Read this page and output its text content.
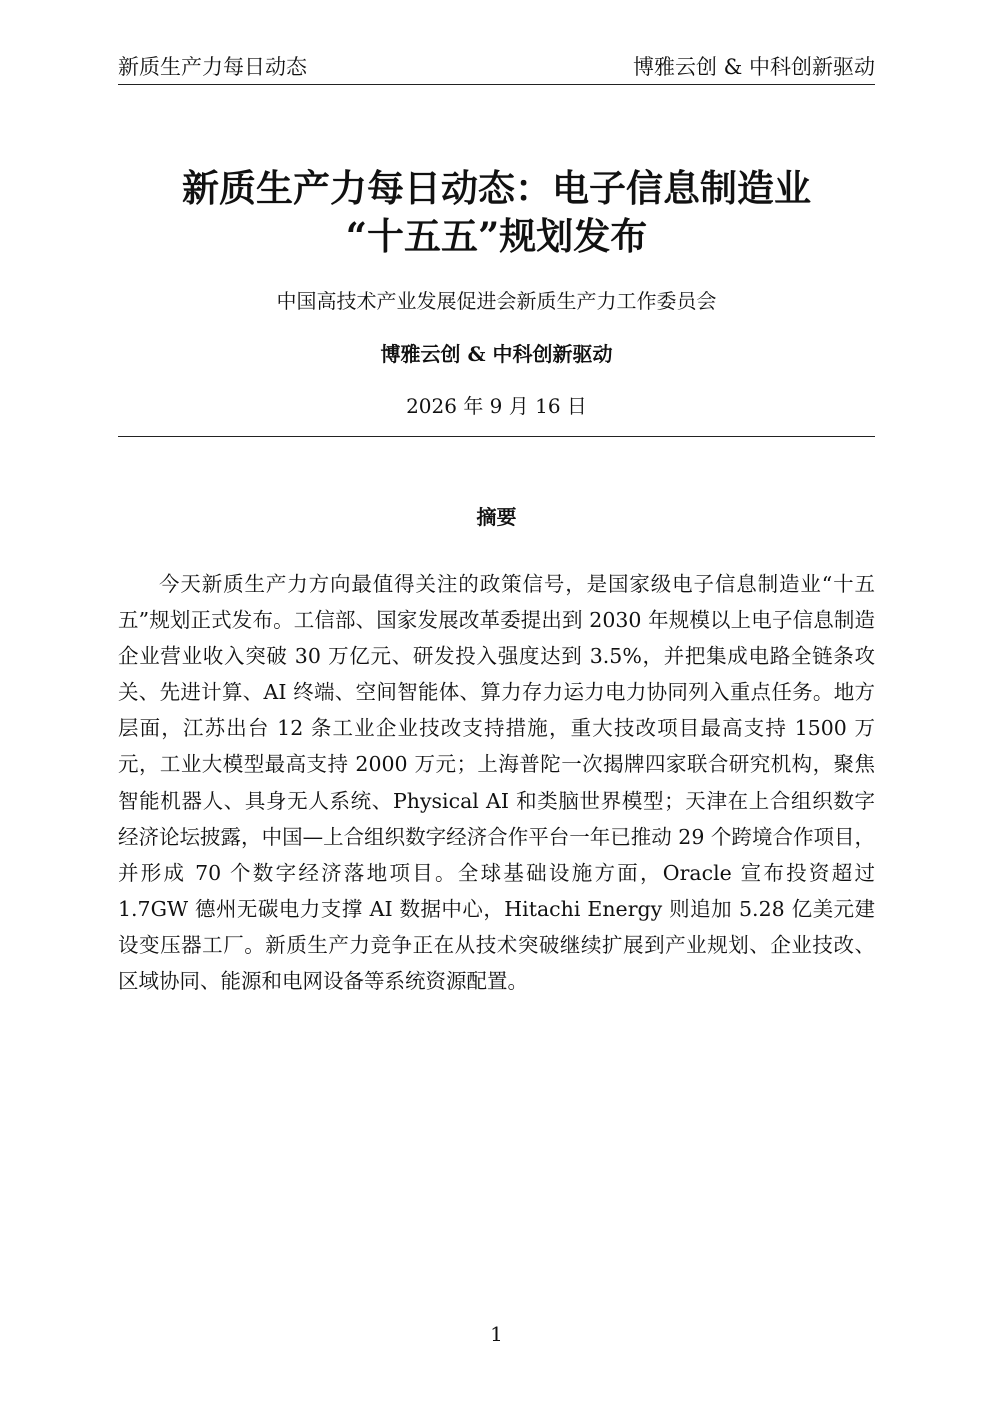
新质生产力每日动态	博雅云创 & 中科创新驱动
新质生产力每日动态：电子信息制造业
“十五五”规划发布
中国高技术产业发展促进会新质生产力工作委员会
博雅云创 & 中科创新驱动
2026 年 9 月 16 日
摘要

今天新质生产力方向最值得关注的政策信号，是国家级电子信息制造业“十五五”规划正式发布。工信部、国家发展改革委提出到 2030 年规模以上电子信息制造企业营业收入突破 30 万亿元、研发投入强度达到 3.5%，并把集成电路全链条攻关、先进计算、AI 终端、空间智能体、算力存力运力电力协同列入重点任务。地方层面，江苏出台 12 条工业企业技改支持措施，重大技改项目最高支持 1500 万元，工业大模型最高支持 2000 万元；上海普陀一次揭牌四家联合研究机构，聚焦智能机器人、具身无人系统、Physical AI 和类脑世界模型；天津在上合组织数字经济论坛披露，中国—上合组织数字经济合作平台一年已推动 29 个跨境合作项目，并形成 70 个数字经济落地项目。全球基础设施方面，Oracle 宣布投资超过 1.7GW 德州无碳电力支撑 AI 数据中心，Hitachi Energy 则追加 5.28 亿美元建设变压器工厂。新质生产力竞争正在从技术突破继续扩展到产业规划、企业技改、区域协同、能源和电网设备等系统资源配置。

1
